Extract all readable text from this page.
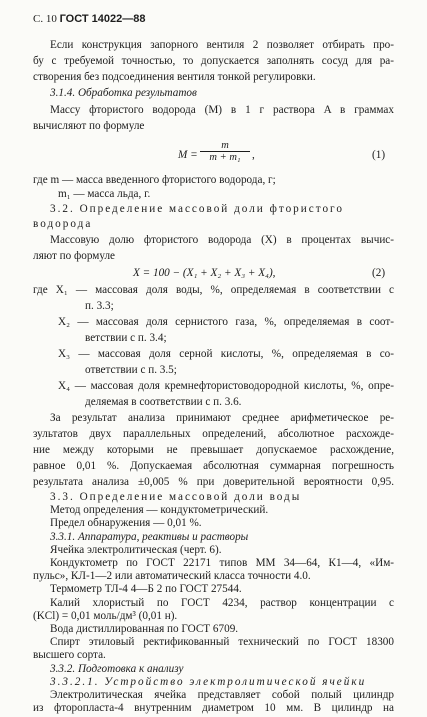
С. 10 ГОСТ 14022—88
Если конструкция запорного вентиля 2 позволяет отбирать про-
бу с требуемой точностью, то допускается заполнять сосуд для ра-
створения без подсоединения вентиля тонкой регулировки.
3.1.4. Обработка результатов
Массу фтористого водорода (M) в 1 г раствора A в граммах
вычисляют по формуле
$M = \frac{m}{\text{m + m₁}}$ ,	(1)
где m — масса введенного фтористого водорода, г;
m₁ — масса льда, г.
3.2. Определение массовой доли фтористого
водорода
Массовую долю фтористого водорода (X) в процентах вычис-
ляют по формуле
X = 100 − (X₁ + X₂ + X₃ + X₄),	(2)
где X₁ — массовая доля воды, %, определяемая в соответствии с
п. 3.3;
X₂ — массовая доля сернистого газа, %, определяемая в соот-
ветствии с п. 3.4;
X₃ — массовая доля серной кислоты, %, определяемая в со-
ответствии с п. 3.5;
X₄ — массовая доля кремнефтористоводородной кислоты, %, опре-
деляемая в соответствии с п. 3.6.
За результат анализа принимают среднее арифметическое ре-
зультатов двух параллельных определений, абсолютное расхожде-
ние между которыми не превышает допускаемое расхождение,
равное 0,01 %. Допускаемая абсолютная суммарная погрешность
результата анализа ±0,005 % при доверительной вероятности 0,95.
3.3. Определение массовой доли воды
Метод определения — кондуктометрический.
Предел обнаружения — 0,01 %.
3.3.1. Аппаратура, реактивы и растворы
Ячейка электролитическая (черт. 6).
Кондуктометр по ГОСТ 22171 типов ММ 34—64, К1—4, «Им-
пульс», КЛ-1—2 или автоматический класса точности 4.0.
Термометр ТЛ-4 4—Б 2 по ГОСТ 27544.
Калий хлористый по ГОСТ 4234, раствор концентрации c
(KCl) = 0,01 моль/дм³ (0,01 н).
Вода дистиллированная по ГОСТ 6709.
Спирт этиловый ректификованный технический по ГОСТ 18300
высшего сорта.
3.3.2. Подготовка к анализу
3.3.2.1. Устройство электролитической ячейки
Электролитическая ячейка представляет собой полый цилиндр
из фторопласта-4 внутренним диаметром 10 мм. В цилиндр на
